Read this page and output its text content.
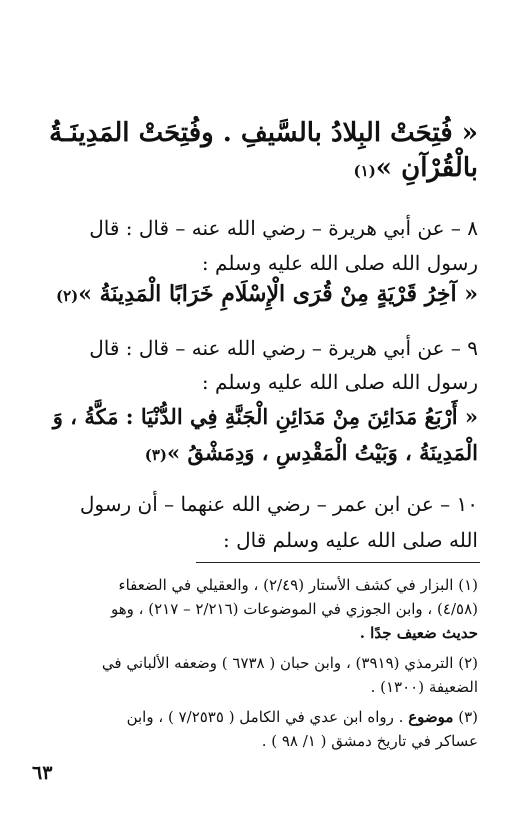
« فُتِحَتْ البِلادُ بالسَّيفِ . وفُتِحَتْ المَدِينَـةُ
بالْقُرْآنِ »(١)
٨ – عن أبي هريرة – رضي الله عنه – قال : قال
رسول الله صلى الله عليه وسلم :
« آخِرُ قَرْيَةٍ مِنْ قُرَى الْإِسْلَامِ خَرَابًا الْمَدِينَةُ »(٢)
٩ – عن أبي هريرة – رضي الله عنه – قال : قال
رسول الله صلى الله عليه وسلم :
« أَرْبَعُ مَدَائِنَ مِنْ مَدَائِنِ الْجَنَّةِ فِي الدُّنْيَا : مَكَّةُ ، وَ
الْمَدِينَةُ ، وَبَيْتُ الْمَقْدِسِ ، وَدِمَشْقُ »(٣)
١٠ – عن ابن عمر – رضي الله عنهما – أن رسول
الله صلى الله عليه وسلم قال :
(١) البزار في كشف الأستار (٢/٤٩) ، والعقيلي في الضعفاء
(٤/٥٨) ، وابن الجوزي في الموضوعات (٢/٢١٦ – ٢١٧) ، وهو
حديث ضعيف جدًا .
(٢) الترمذي (٣٩١٩) ، وابن حبان ( ٦٧٣٨ ) وضعفه الألباني في
الضعيفة (١٣٠٠) .
(٣) موضوع . رواه ابن عدي في الكامل ( ٧/٢٥٣٥ ) ، وابن
عساكر في تاريخ دمشق ( ١/ ٩٨ ) .
٦٣
